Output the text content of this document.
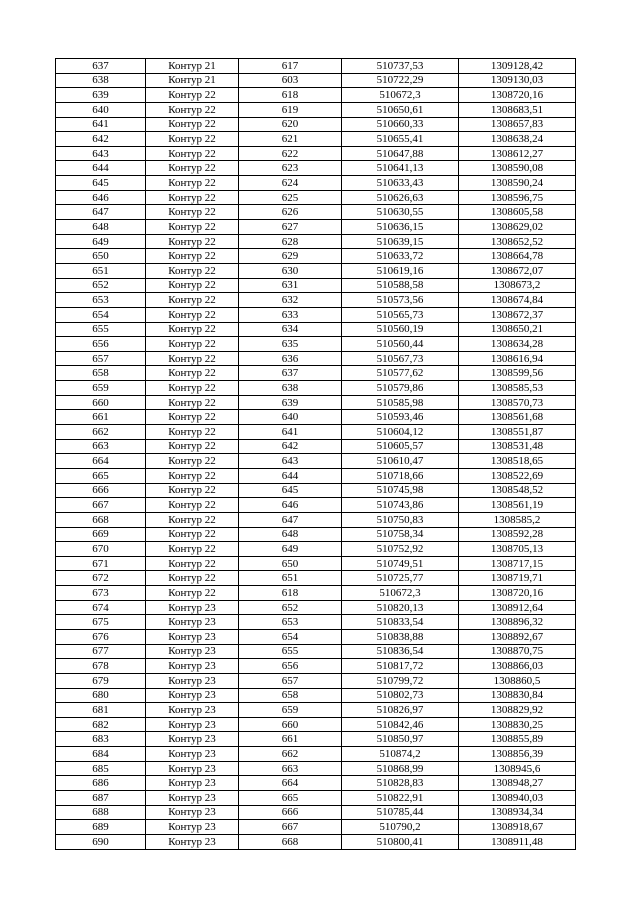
637	Контур 21	617	510737,53	1309128,42
638	Контур 21	603	510722,29	1309130,03
639	Контур 22	618	510672,3	1308720,16
640	Контур 22	619	510650,61	1308683,51
641	Контур 22	620	510660,33	1308657,83
642	Контур 22	621	510655,41	1308638,24
643	Контур 22	622	510647,88	1308612,27
644	Контур 22	623	510641,13	1308590,08
645	Контур 22	624	510633,43	1308590,24
646	Контур 22	625	510626,63	1308596,75
647	Контур 22	626	510630,55	1308605,58
648	Контур 22	627	510636,15	1308629,02
649	Контур 22	628	510639,15	1308652,52
650	Контур 22	629	510633,72	1308664,78
651	Контур 22	630	510619,16	1308672,07
652	Контур 22	631	510588,58	1308673,2
653	Контур 22	632	510573,56	1308674,84
654	Контур 22	633	510565,73	1308672,37
655	Контур 22	634	510560,19	1308650,21
656	Контур 22	635	510560,44	1308634,28
657	Контур 22	636	510567,73	1308616,94
658	Контур 22	637	510577,62	1308599,56
659	Контур 22	638	510579,86	1308585,53
660	Контур 22	639	510585,98	1308570,73
661	Контур 22	640	510593,46	1308561,68
662	Контур 22	641	510604,12	1308551,87
663	Контур 22	642	510605,57	1308531,48
664	Контур 22	643	510610,47	1308518,65
665	Контур 22	644	510718,66	1308522,69
666	Контур 22	645	510745,98	1308548,52
667	Контур 22	646	510743,86	1308561,19
668	Контур 22	647	510750,83	1308585,2
669	Контур 22	648	510758,34	1308592,28
670	Контур 22	649	510752,92	1308705,13
671	Контур 22	650	510749,51	1308717,15
672	Контур 22	651	510725,77	1308719,71
673	Контур 22	618	510672,3	1308720,16
674	Контур 23	652	510820,13	1308912,64
675	Контур 23	653	510833,54	1308896,32
676	Контур 23	654	510838,88	1308892,67
677	Контур 23	655	510836,54	1308870,75
678	Контур 23	656	510817,72	1308866,03
679	Контур 23	657	510799,72	1308860,5
680	Контур 23	658	510802,73	1308830,84
681	Контур 23	659	510826,97	1308829,92
682	Контур 23	660	510842,46	1308830,25
683	Контур 23	661	510850,97	1308855,89
684	Контур 23	662	510874,2	1308856,39
685	Контур 23	663	510868,99	1308945,6
686	Контур 23	664	510828,83	1308948,27
687	Контур 23	665	510822,91	1308940,03
688	Контур 23	666	510785,44	1308934,34
689	Контур 23	667	510790,2	1308918,67
690	Контур 23	668	510800,41	1308911,48
